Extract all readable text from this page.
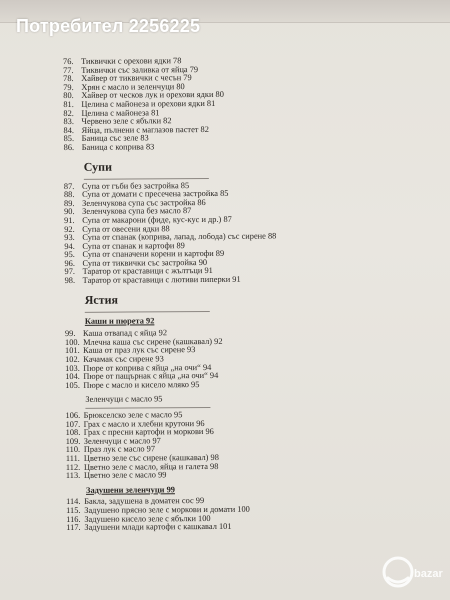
Потребител 2256225
76. Тиквички с орехови ядки 78
77. Тиквички със заливка от яйца 79
78. Хайвер от тиквички с чесън 79
79. Хрян с масло и зеленчуци 80
80. Хайвер от ческов лук и орехови ядки 80
81. Целина с майонеза и орехови ядки 81
82. Целина с майонеза 81
83. Червено зеле с ябълки 82
84. Яйца, пълнени с маглазов пастет 82
85. Баница със зеле 83
86. Баница с коприва 83
Супи
87. Супа от гъби без застройка 85
88. Супа от домати с пресечена застройка 85
89. Зеленчукова супа със застройка 86
90. Зеленчукова супа без масло 87
91. Супа от макарони (фиде, кус-кус и др.) 87
92. Супа от овесени ядки 88
93. Супа от спанак (коприва, лапад, лобода) със сирене 88
94. Супа от спанак и картофи 89
95. Супа от спаначени корени и картофи 89
96. Супа от тиквички със застройка 90
97. Таратор от краставици с жълтъци 91
98. Таратор от краставици с лютиви пиперки 91
Ястия
Каши и пюрета 92
99. Каша отвапад с яйца 92
100. Млечна каша със сирене (кашкавал) 92
101. Каша от праз лук със сирене 93
102. Качамак със сирене 93
103. Пюре от коприва с яйца „на очи“ 94
104. Пюре от пащърнак с яйца „на очи“ 94
105. Пюре с масло и кисело мляко 95
Зеленчуци с масло 95
106. Брюкселско зеле с масло 95
107. Грах с масло и хлебни крутони 96
108. Грах с пресни картофи и моркови 96
109. Зеленчуци с масло 97
110. Праз лук с масло 97
111. Цветно зеле със сирене (кашкавал) 98
112. Цветно зеле с масло, яйца и галета 98
113. Цветно зеле с масло 99
Задушени зеленчуци 99
114. Бакла, задушена в доматен сос 99
115. Задушено прясно зеле с моркови и домати 100
116. Задушено кисело зеле с ябълки 100
117. Задушени млади картофи с кашкавал 101
bazar
